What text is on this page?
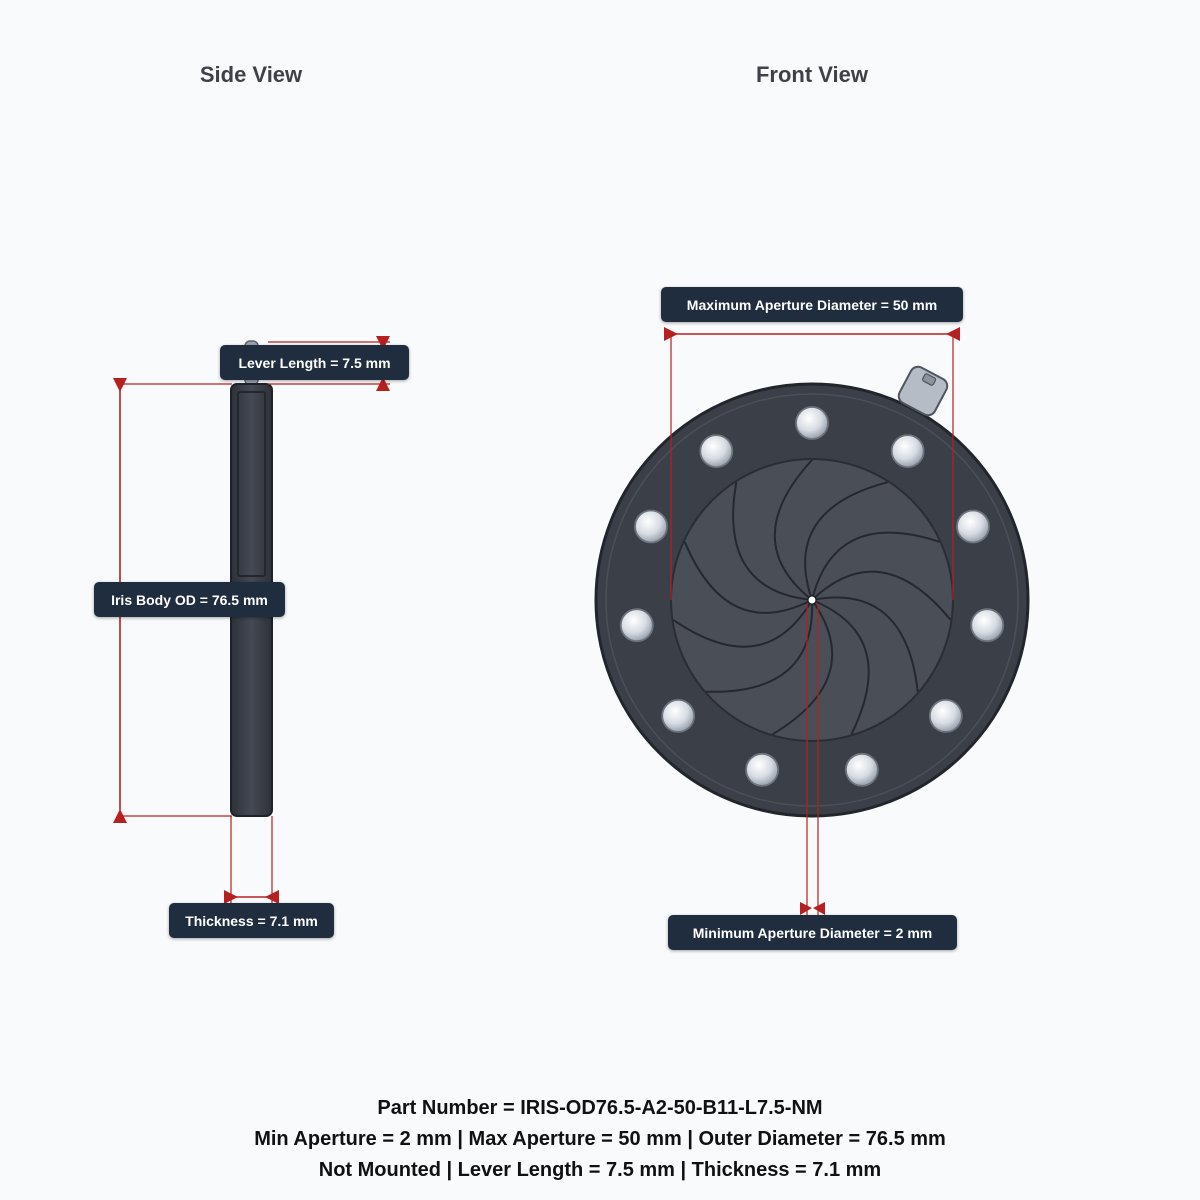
Side View	Front View
Lever Length = 7.5 mm
Iris Body OD = 76.5 mm
Thickness = 7.1 mm
Maximum Aperture Diameter = 50 mm
Minimum Aperture Diameter = 2 mm
Part Number = IRIS-OD76.5-A2-50-B11-L7.5-NM
Min Aperture = 2 mm | Max Aperture = 50 mm | Outer Diameter = 76.5 mm
Not Mounted | Lever Length = 7.5 mm | Thickness = 7.1 mm
